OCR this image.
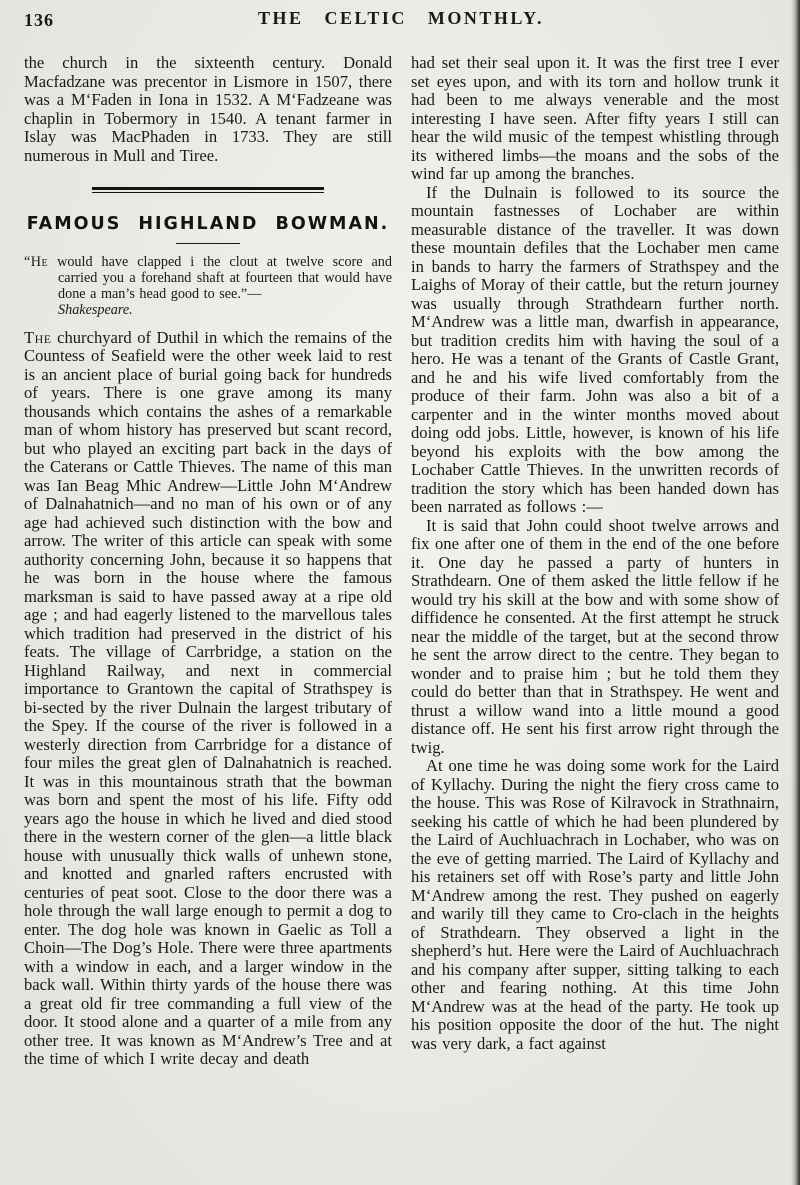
136	THE CELTIC MONTHLY.

the church in the sixteenth century. Donald Macfadzane was precentor in Lismore in 1507, there was a M‘Faden in Iona in 1532. A M‘Fadzeane was chaplin in Tobermory in 1540. A tenant farmer in Islay was MacPhaden in 1733. They are still numerous in Mull and Tiree.

FAMOUS HIGHLAND BOWMAN.

“He would have clapped i the clout at twelve score and carried you a forehand shaft at fourteen that would have done a man’s head good to see.”—
Shakespeare.

The churchyard of Duthil in which the remains of the Countess of Seafield were the other week laid to rest is an ancient place of burial going back for hundreds of years. There is one grave among its many thousands which contains the ashes of a remarkable man of whom history has preserved but scant record, but who played an exciting part back in the days of the Caterans or Cattle Thieves. The name of this man was Ian Beag Mhic Andrew—Little John M‘Andrew of Dalnahatnich—and no man of his own or of any age had achieved such distinction with the bow and arrow. The writer of this article can speak with some authority concerning John, because it so happens that he was born in the house where the famous marksman is said to have passed away at a ripe old age ; and had eagerly listened to the marvellous tales which tradition had preserved in the district of his feats. The village of Carrbridge, a station on the Highland Railway, and next in commercial importance to Grantown the capital of Strathspey is bi-sected by the river Dulnain the largest tributary of the Spey. If the course of the river is followed in a westerly direction from Carrbridge for a distance of four miles the great glen of Dalnahatnich is reached. It was in this mountainous strath that the bowman was born and spent the most of his life. Fifty odd years ago the house in which he lived and died stood there in the western corner of the glen—a little black house with unusually thick walls of unhewn stone, and knotted and gnarled rafters encrusted with centuries of peat soot. Close to the door there was a hole through the wall large enough to permit a dog to enter. The dog hole was known in Gaelic as Toll a Choin—The Dog’s Hole. There were three apartments with a window in each, and a larger window in the back wall. Within thirty yards of the house there was a great old fir tree commanding a full view of the door. It stood alone and a quarter of a mile from any other tree. It was known as M‘Andrew’s Tree and at the time of which I write decay and death

had set their seal upon it. It was the first tree I ever set eyes upon, and with its torn and hollow trunk it had been to me always venerable and the most interesting I have seen. After fifty years I still can hear the wild music of the tempest whistling through its withered limbs—the moans and the sobs of the wind far up among the branches.

If the Dulnain is followed to its source the mountain fastnesses of Lochaber are within measurable distance of the traveller. It was down these mountain defiles that the Lochaber men came in bands to harry the farmers of Strathspey and the Laighs of Moray of their cattle, but the return journey was usually through Strathdearn further north. M‘Andrew was a little man, dwarfish in appearance, but tradition credits him with having the soul of a hero. He was a tenant of the Grants of Castle Grant, and he and his wife lived comfortably from the produce of their farm. John was also a bit of a carpenter and in the winter months moved about doing odd jobs. Little, however, is known of his life beyond his exploits with the bow among the Lochaber Cattle Thieves. In the unwritten records of tradition the story which has been handed down has been narrated as follows :—

It is said that John could shoot twelve arrows and fix one after one of them in the end of the one before it. One day he passed a party of hunters in Strathdearn. One of them asked the little fellow if he would try his skill at the bow and with some show of diffidence he consented. At the first attempt he struck near the middle of the target, but at the second throw he sent the arrow direct to the centre. They began to wonder and to praise him ; but he told them they could do better than that in Strathspey. He went and thrust a willow wand into a little mound a good distance off. He sent his first arrow right through the twig.

At one time he was doing some work for the Laird of Kyllachy. During the night the fiery cross came to the house. This was Rose of Kilravock in Strathnairn, seeking his cattle of which he had been plundered by the Laird of Auchluachrach in Lochaber, who was on the eve of getting married. The Laird of Kyllachy and his retainers set off with Rose’s party and little John M‘Andrew among the rest. They pushed on eagerly and warily till they came to Cro-clach in the heights of Strathdearn. They observed a light in the shepherd’s hut. Here were the Laird of Auchluachrach and his company after supper, sitting talking to each other and fearing nothing. At this time John M‘Andrew was at the head of the party. He took up his position opposite the door of the hut. The night was very dark, a fact against
